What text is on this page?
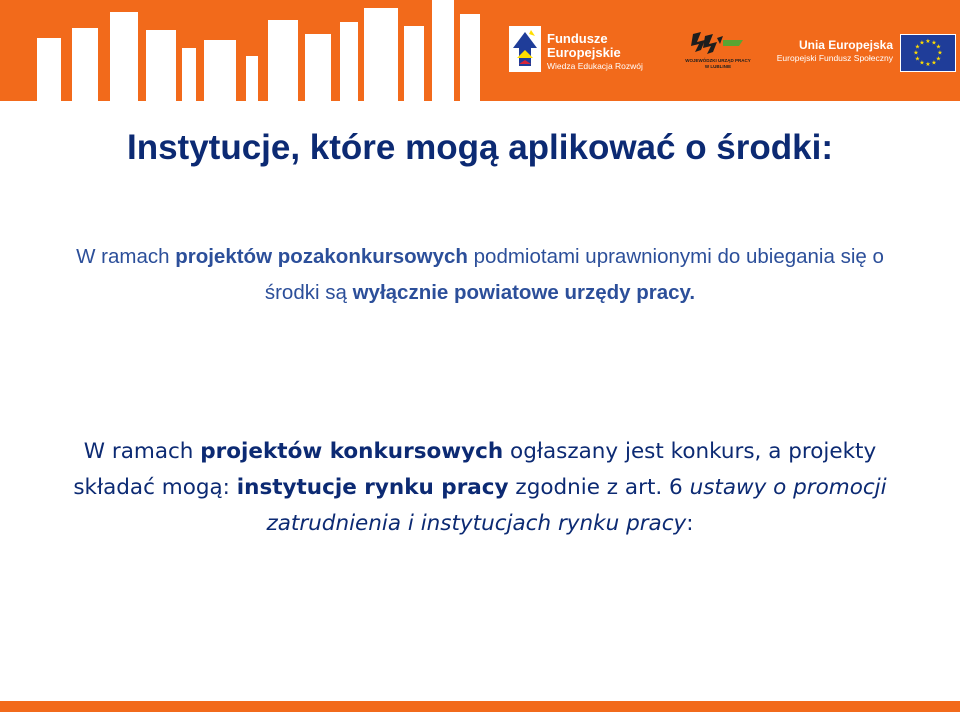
Fundusze
Europejskie
Wiedza Edukacja Rozwój
WOJEWÓDZKI URZĄD PRACY W LUBLINIE
Unia Europejska
Europejski Fundusz Społeczny
★ ★
★
★
★
★
★
★
★
★
★
★
Instytucje, które mogą aplikować o środki:
W ramach projektów pozakonkursowych podmiotami uprawnionymi do ubiegania się o środki są wyłącznie powiatowe urzędy pracy.
W ramach projektów konkursowych ogłaszany jest konkurs, a projekty składać mogą: instytucje rynku pracy zgodnie z art. 6 ustawy o promocji zatrudnienia i instytucjach rynku pracy:
